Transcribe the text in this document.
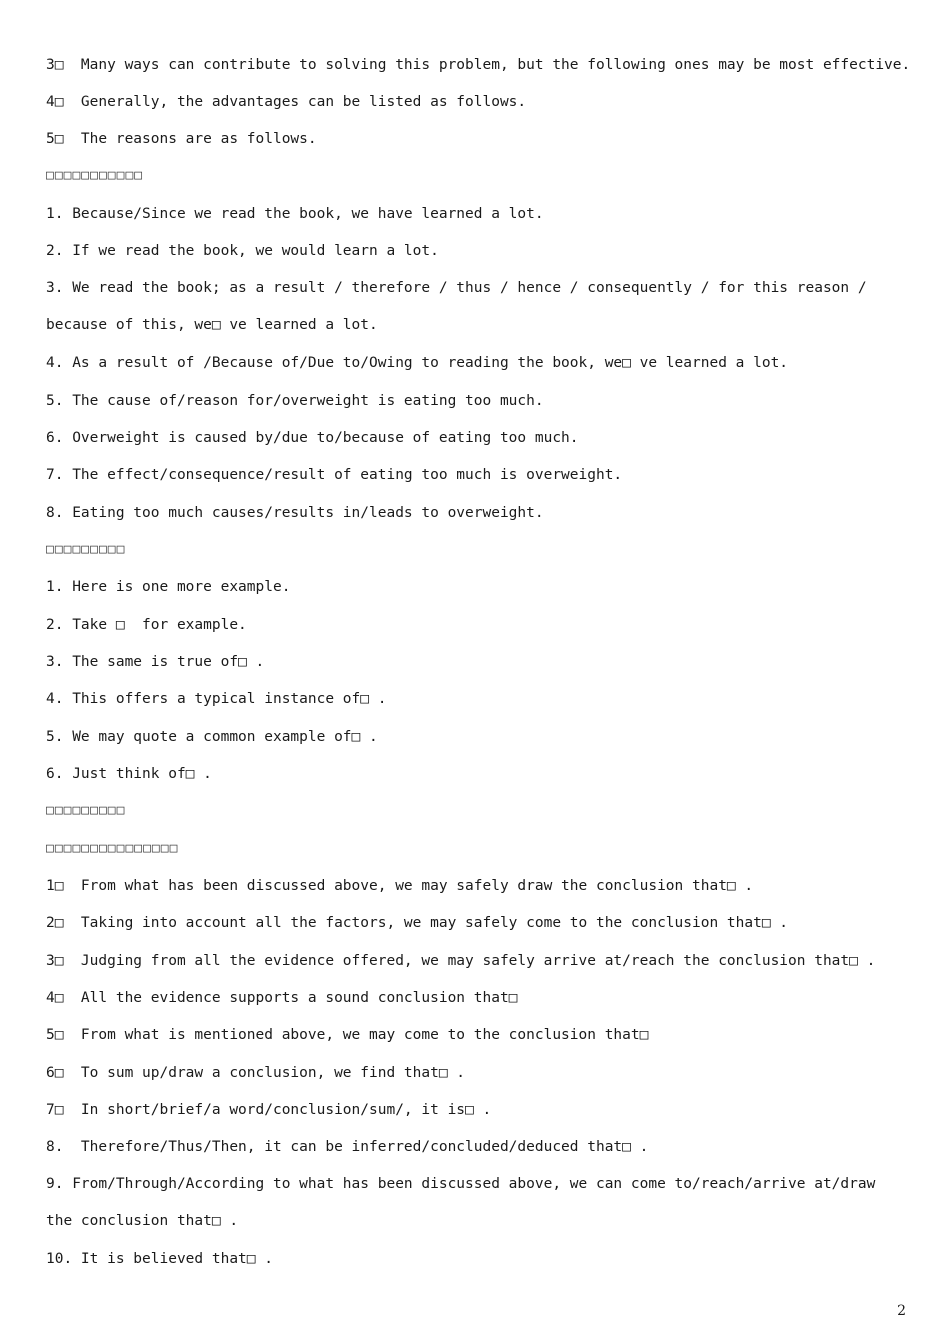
3□  Many ways can contribute to solving this problem, but the following ones may be most effective.
4□  Generally, the advantages can be listed as follows.
5□  The reasons are as follows.
□□□□□□□□□□□
1. Because/Since we read the book, we have learned a lot.
2. If we read the book, we would learn a lot.
3. We read the book; as a result / therefore / thus / hence / consequently / for this reason / because of this, we□ ve learned a lot.
4. As a result of /Because of/Due to/Owing to reading the book, we□ ve learned a lot.
5. The cause of/reason for/overweight is eating too much.
6. Overweight is caused by/due to/because of eating too much.
7. The effect/consequence/result of eating too much is overweight.
8. Eating too much causes/results in/leads to overweight.
□□□□□□□□□
1. Here is one more example.
2. Take □  for example.
3. The same is true of□ .
4. This offers a typical instance of□ .
5. We may quote a common example of□ .
6. Just think of□ .
□□□□□□□□□
□□□□□□□□□□□□□□□
1□  From what has been discussed above, we may safely draw the conclusion that□ .
2□  Taking into account all the factors, we may safely come to the conclusion that□ .
3□  Judging from all the evidence offered, we may safely arrive at/reach the conclusion that□ .
4□  All the evidence supports a sound conclusion that□
5□  From what is mentioned above, we may come to the conclusion that□
6□  To sum up/draw a conclusion, we find that□ .
7□  In short/brief/a word/conclusion/sum/, it is□ .
8.  Therefore/Thus/Then, it can be inferred/concluded/deduced that□ .
9. From/Through/According to what has been discussed above, we can come to/reach/arrive at/draw the conclusion that□ .
10. It is believed that□ .
2
